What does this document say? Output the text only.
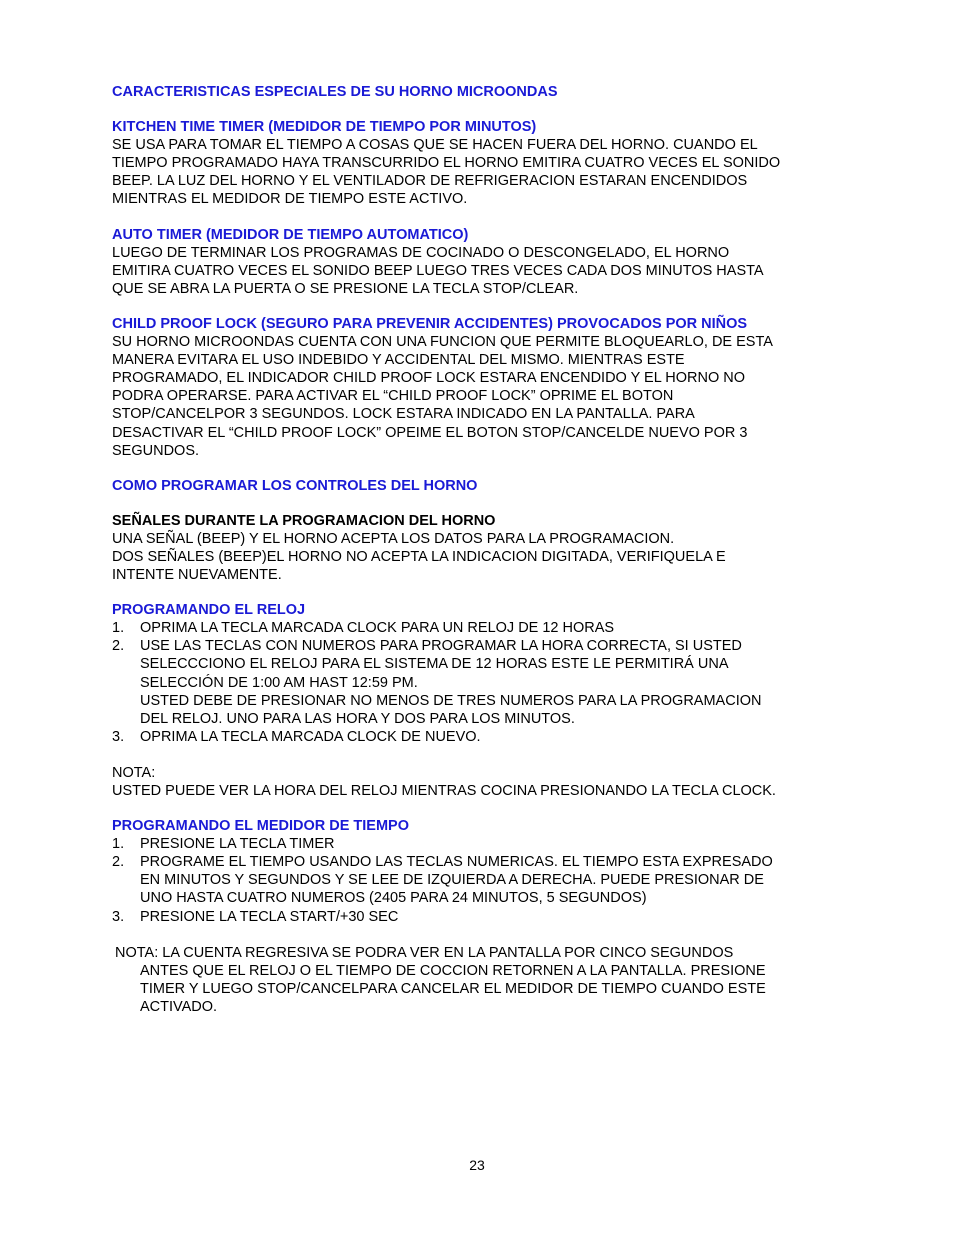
CARACTERISTICAS ESPECIALES DE SU HORNO MICROONDAS

KITCHEN TIME TIMER (MEDIDOR DE TIEMPO POR MINUTOS)

SE USA PARA TOMAR EL TIEMPO A COSAS QUE SE HACEN FUERA DEL HORNO. CUANDO EL

TIEMPO PROGRAMADO HAYA TRANSCURRIDO EL HORNO EMITIRA CUATRO VECES EL SONIDO

BEEP. LA LUZ DEL HORNO Y EL VENTILADOR DE REFRIGERACION ESTARAN ENCENDIDOS

MIENTRAS EL MEDIDOR DE TIEMPO ESTE ACTIVO.

AUTO TIMER (MEDIDOR DE TIEMPO AUTOMATICO)

LUEGO DE TERMINAR LOS PROGRAMAS DE COCINADO O DESCONGELADO, EL HORNO

EMITIRA CUATRO VECES EL SONIDO BEEP LUEGO TRES VECES CADA DOS MINUTOS HASTA

QUE SE ABRA LA PUERTA O SE PRESIONE LA TECLA STOP/CLEAR.

CHILD PROOF LOCK (SEGURO PARA PREVENIR ACCIDENTES) PROVOCADOS POR NIÑOS

SU HORNO MICROONDAS CUENTA CON UNA FUNCION QUE PERMITE BLOQUEARLO, DE ESTA

MANERA EVITARA EL USO INDEBIDO Y ACCIDENTAL DEL MISMO. MIENTRAS ESTE

PROGRAMADO, EL INDICADOR CHILD PROOF LOCK ESTARA ENCENDIDO Y EL HORNO NO

PODRA OPERARSE. PARA ACTIVAR EL “CHILD PROOF LOCK” OPRIME EL BOTON

STOP/CANCELPOR 3 SEGUNDOS. LOCK ESTARA INDICADO EN LA PANTALLA. PARA

DESACTIVAR EL “CHILD PROOF LOCK” OPEIME EL BOTON STOP/CANCELDE NUEVO POR 3

SEGUNDOS.

COMO PROGRAMAR LOS CONTROLES DEL HORNO

SEÑALES DURANTE LA PROGRAMACION DEL HORNO

UNA SEÑAL (BEEP) Y EL HORNO ACEPTA LOS DATOS PARA LA PROGRAMACION.

DOS SEÑALES (BEEP)EL HORNO NO ACEPTA LA INDICACION DIGITADA, VERIFIQUELA E

INTENTE NUEVAMENTE.

PROGRAMANDO EL RELOJ

1. OPRIMA LA TECLA MARCADA CLOCK PARA UN RELOJ DE 12 HORAS

2. USE LAS TECLAS CON NUMEROS PARA PROGRAMAR LA HORA CORRECTA, SI USTED

SELECCCIONO EL RELOJ PARA EL SISTEMA DE 12 HORAS ESTE LE PERMITIRÁ UNA

SELECCIÓN DE 1:00 AM HAST 12:59 PM.

USTED DEBE DE PRESIONAR NO MENOS DE TRES NUMEROS PARA LA PROGRAMACION

DEL RELOJ. UNO PARA LAS HORA Y DOS PARA LOS MINUTOS.

3. OPRIMA LA TECLA MARCADA CLOCK DE NUEVO.

NOTA:

USTED PUEDE VER LA HORA DEL RELOJ MIENTRAS COCINA PRESIONANDO LA TECLA CLOCK.

PROGRAMANDO EL MEDIDOR DE TIEMPO

1. PRESIONE LA TECLA TIMER

2. PROGRAME EL TIEMPO USANDO LAS TECLAS NUMERICAS. EL TIEMPO ESTA EXPRESADO

EN MINUTOS Y SEGUNDOS Y SE LEE DE IZQUIERDA A DERECHA. PUEDE PRESIONAR DE

UNO HASTA CUATRO NUMEROS (2405 PARA 24 MINUTOS, 5 SEGUNDOS)

3. PRESIONE LA TECLA START/+30 SEC

NOTA: LA CUENTA REGRESIVA SE PODRA VER EN LA PANTALLA POR CINCO SEGUNDOS

ANTES QUE EL RELOJ O EL TIEMPO DE COCCION RETORNEN A LA PANTALLA. PRESIONE
TIMER Y LUEGO STOP/CANCELPARA CANCELAR EL MEDIDOR DE TIEMPO CUANDO ESTE
ACTIVADO.
23
